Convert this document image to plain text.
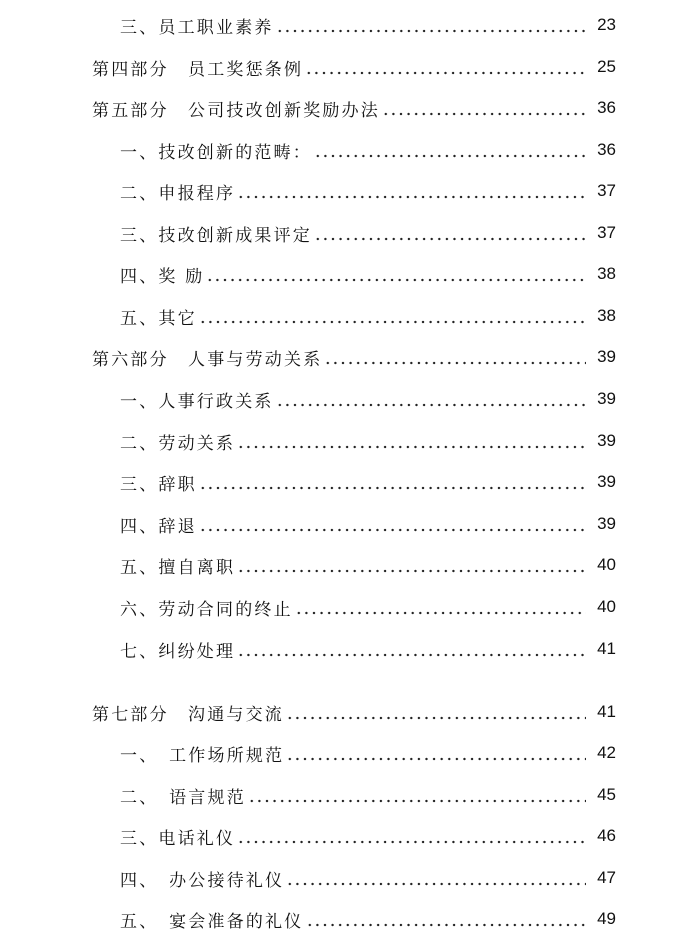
三、员工职业素养	23
第四部分　员工奖惩条例	25
第五部分　公司技改创新奖励办法	36
一、技改创新的范畴：	36
二、申报程序	37
三、技改创新成果评定	37
四、奖 励	38
五、其它	38
第六部分　人事与劳动关系	39
一、人事行政关系	39
二、劳动关系	39
三、辞职	39
四、辞退	39
五、擅自离职	40
六、劳动合同的终止	40
七、纠纷处理	41
第七部分　沟通与交流	41
一、　工作场所规范	42
二、　语言规范	45
三、电话礼仪	46
四、　办公接待礼仪	47
五、　宴会准备的礼仪	49
